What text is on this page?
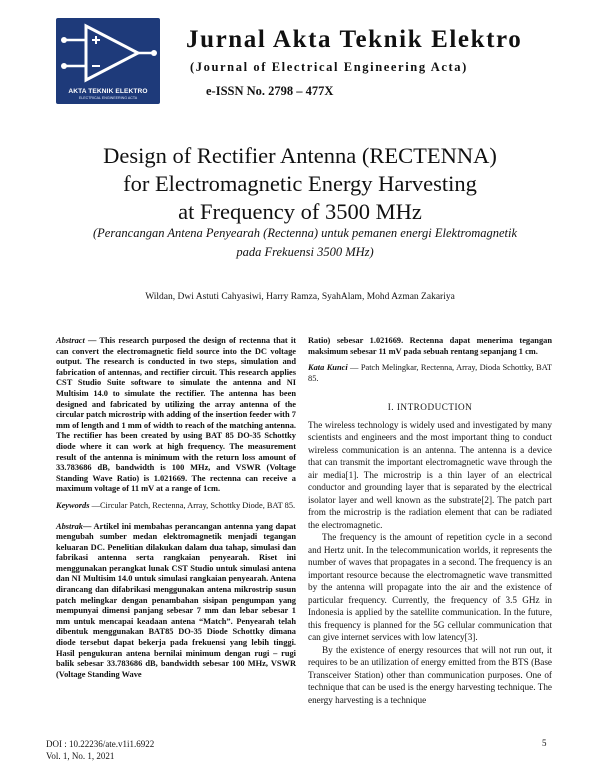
AKTA TEKNIK ELEKTRO
ELECTRICAL ENGINEERING ACTA
Jurnal Akta Teknik Elektro
(Journal of Electrical Engineering Acta)
e-ISSN No. 2798 – 477X
Design of Rectifier Antenna (RECTENNA)
for Electromagnetic Energy Harvesting
at Frequency of 3500 MHz
(Perancangan Antena Penyearah (Rectenna) untuk pemanen energi Elektromagnetik
pada Frekuensi 3500 MHz)
Wildan, Dwi Astuti Cahyasiwi, Harry Ramza, SyahAlam, Mohd Azman Zakariya

Abstract — This research purposed the design of rectenna that it can convert the electromagnetic field source into the DC voltage output. The research is conducted in two steps, simulation and fabrication of antennas, and rectifier circuit. This research applies CST Studio Suite software to simulate the antenna and NI Multisim 14.0 to simulate the rectifier. The antenna has been designed and fabricated by utilizing the array antenna of the circular patch microstrip with adding of the insertion feeder with 7 mm of length and 1 mm of width to reach of the matching antenna. The rectifier has been created by using BAT 85 DO-35 Schottky diode where it can work at high frequency. The measurement result of the antenna is minimum with the return loss amount of 33.783686 dB, bandwidth is 100 MHz, and VSWR (Voltage Standing Wave Ratio) is 1.021669. The rectenna can receive a maximum voltage of 11 mV at a range of 1cm.

Keywords —Circular Patch, Rectenna, Array, Schottky Diode, BAT 85.

Abstrak— Artikel ini membahas perancangan antenna yang dapat mengubah sumber medan elektromagnetik menjadi tegangan keluaran DC. Penelitian dilakukan dalam dua tahap, simulasi dan fabrikasi antenna serta rangkaian penyearah. Riset ini menggunakan perangkat lunak CST Studio untuk simulasi antena dan NI Multisim 14.0 untuk simulasi rangkaian penyearah. Antena dirancang dan difabrikasi menggunakan antena mikrostrip susun patch melingkar dengan penambahan sisipan pengumpan yang mempunyai dimensi panjang sebesar 7 mm dan lebar sebesar 1 mm untuk mencapai keadaan antena “Match”. Penyearah telah dibentuk menggunakan BAT85 DO-35 Diode Schottky dimana diode tersebut dapat bekerja pada frekuensi yang lebih tinggi. Hasil pengukuran antena bernilai minimum dengan rugi – rugi balik sebesar 33.783686 dB, bandwidth sebesar 100 MHz, VSWR (Voltage Standing Wave

Ratio) sebesar 1.021669. Rectenna dapat menerima tegangan maksimum sebesar 11 mV pada sebuah rentang sepanjang 1 cm.

Kata Kunci — Patch Melingkar, Rectenna, Array, Dioda Schottky, BAT 85.

I. INTRODUCTION

The wireless technology is widely used and investigated by many scientists and engineers and the most important thing to conduct wireless communication is an antenna. The antenna is a device that can transmit the important electromagnetic wave through the air media[1]. The microstrip is a thin layer of an electrical conductor and grounding layer that is separated by the electrical isolator layer and well known as the substrate[2]. The patch part from the microstrip is the radiation element that can be radiated the electromagnetic.

The frequency is the amount of repetition cycle in a second and Hertz unit. In the telecommunication worlds, it represents the number of waves that propagates in a second. The frequency is an important resource because the electromagnetic wave transmitted by the antenna will propagate into the air and the existence of particular frequency. Currently, the frequency of 3.5 GHz in Indonesia is applied by the satellite communication. In the future, this frequency is planned for the 5G cellular communication that can give internet services with low latency[3].

By the existence of energy resources that will not run out, it requires to be an utilization of energy emitted from the BTS (Base Transceiver Station) other than communication purposes. One of technique that can be used is the energy harvesting technique. The energy harvesting is a technique

DOI : 10.22236/ate.v1i1.6922
Vol. 1, No. 1, 2021
5
